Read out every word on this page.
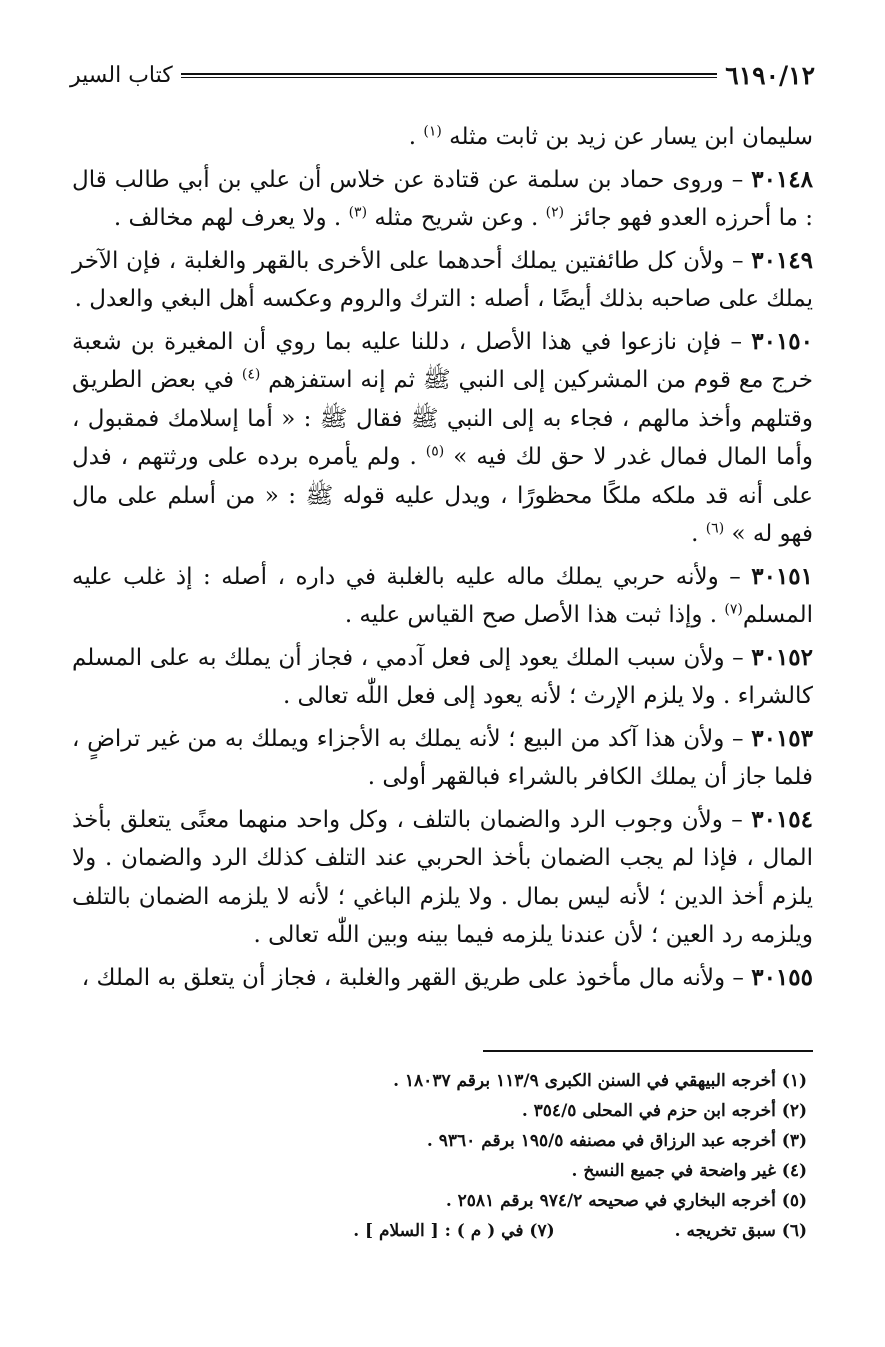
٦١٩٠/١٢
كتاب السير

سليمان ابن يسار عن زيد بن ثابت مثله $^{(١)}$ .

٣٠١٤٨ – وروى حماد بن سلمة عن قتادة عن خلاس أن علي بن أبي طالب قال : ما أحرزه العدو فهو جائز $^{(٢)}$ . وعن شريح مثله $^{(٣)}$ . ولا يعرف لهم مخالف .

٣٠١٤٩ – ولأن كل طائفتين يملك أحدهما على الأخرى بالقهر والغلبة ، فإن الآخر يملك على صاحبه بذلك أيضًا ، أصله : الترك والروم وعكسه أهل البغي والعدل .

٣٠١٥٠ – فإن نازعوا في هذا الأصل ، دللنا عليه بما روي أن المغيرة بن شعبة خرج مع قوم من المشركين إلى النبي ﷺ ثم إنه استفزهم $^{(٤)}$ في بعض الطريق وقتلهم وأخذ مالهم ، فجاء به إلى النبي ﷺ فقال ﷺ : « أما إسلامك فمقبول ، وأما المال فمال غدر لا حق لك فيه » $^{(٥)}$ . ولم يأمره برده على ورثتهم ، فدل على أنه قد ملكه ملكًا محظورًا ، ويدل عليه قوله ﷺ : « من أسلم على مال فهو له » $^{(٦)}$ .

٣٠١٥١ – ولأنه حربي يملك ماله عليه بالغلبة في داره ، أصله : إذ غلب عليه المسلم$^{(٧)}$ . وإذا ثبت هذا الأصل صح القياس عليه .

٣٠١٥٢ – ولأن سبب الملك يعود إلى فعل آدمي ، فجاز أن يملك به على المسلم كالشراء . ولا يلزم الإرث ؛ لأنه يعود إلى فعل اللّٰه تعالى .

٣٠١٥٣ – ولأن هذا آكد من البيع ؛ لأنه يملك به الأجزاء ويملك به من غير تراضٍ ، فلما جاز أن يملك الكافر بالشراء فبالقهر أولى .

٣٠١٥٤ – ولأن وجوب الرد والضمان بالتلف ، وكل واحد منهما معنًى يتعلق بأخذ المال ، فإذا لم يجب الضمان بأخذ الحربي عند التلف كذلك الرد والضمان . ولا يلزم أخذ الدين ؛ لأنه ليس بمال . ولا يلزم الباغي ؛ لأنه لا يلزمه الضمان بالتلف ويلزمه رد العين ؛ لأن عندنا يلزمه فيما بينه وبين اللّٰه تعالى .

٣٠١٥٥ – ولأنه مال مأخوذ على طريق القهر والغلبة ، فجاز أن يتعلق به الملك ،

(١) أخرجه البيهقي في السنن الكبرى ١١٣/٩ برقم ١٨٠٣٧ .
(٢) أخرجه ابن حزم في المحلى ٣٥٤/٥ .
(٣) أخرجه عبد الرزاق في مصنفه ١٩٥/٥ برقم ٩٣٦٠ .
(٤) غير واضحة في جميع النسخ .
(٥) أخرجه البخاري في صحيحه ٩٧٤/٢ برقم ٢٥٨١ .
(٦) سبق تخريجه .
(٧) في ( م ) : [ السلام ] .
